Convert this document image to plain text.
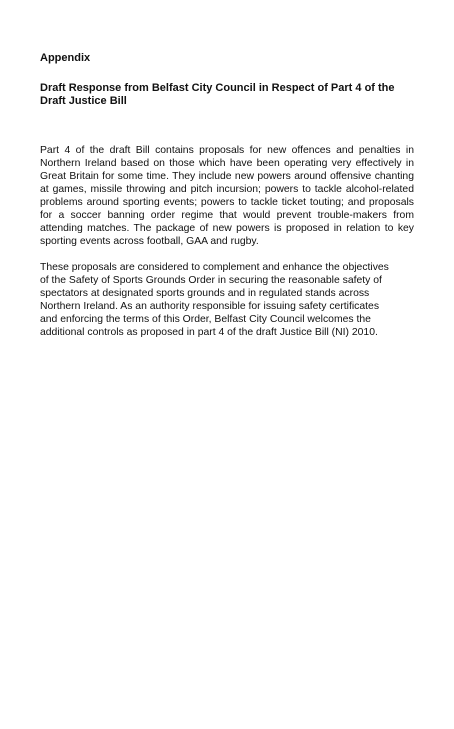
Appendix
Draft Response from Belfast City Council in Respect of Part 4 of the
Draft Justice Bill

Part 4 of the draft Bill contains proposals for new offences and penalties in Northern Ireland based on those which have been operating very effectively in Great Britain for some time. They include new powers around offensive chanting at games, missile throwing and pitch incursion; powers to tackle alcohol-related problems around sporting events; powers to tackle ticket touting; and proposals for a soccer banning order regime that would prevent trouble-makers from attending matches. The package of new powers is proposed in relation to key sporting events across football, GAA and rugby.

These proposals are considered to complement and enhance the objectives
of the Safety of Sports Grounds Order in securing the reasonable safety of
spectators at designated sports grounds and in regulated stands across
Northern Ireland. As an authority responsible for issuing safety certificates
and enforcing the terms of this Order, Belfast City Council welcomes the
additional controls as proposed in part 4 of the draft Justice Bill (NI) 2010.
